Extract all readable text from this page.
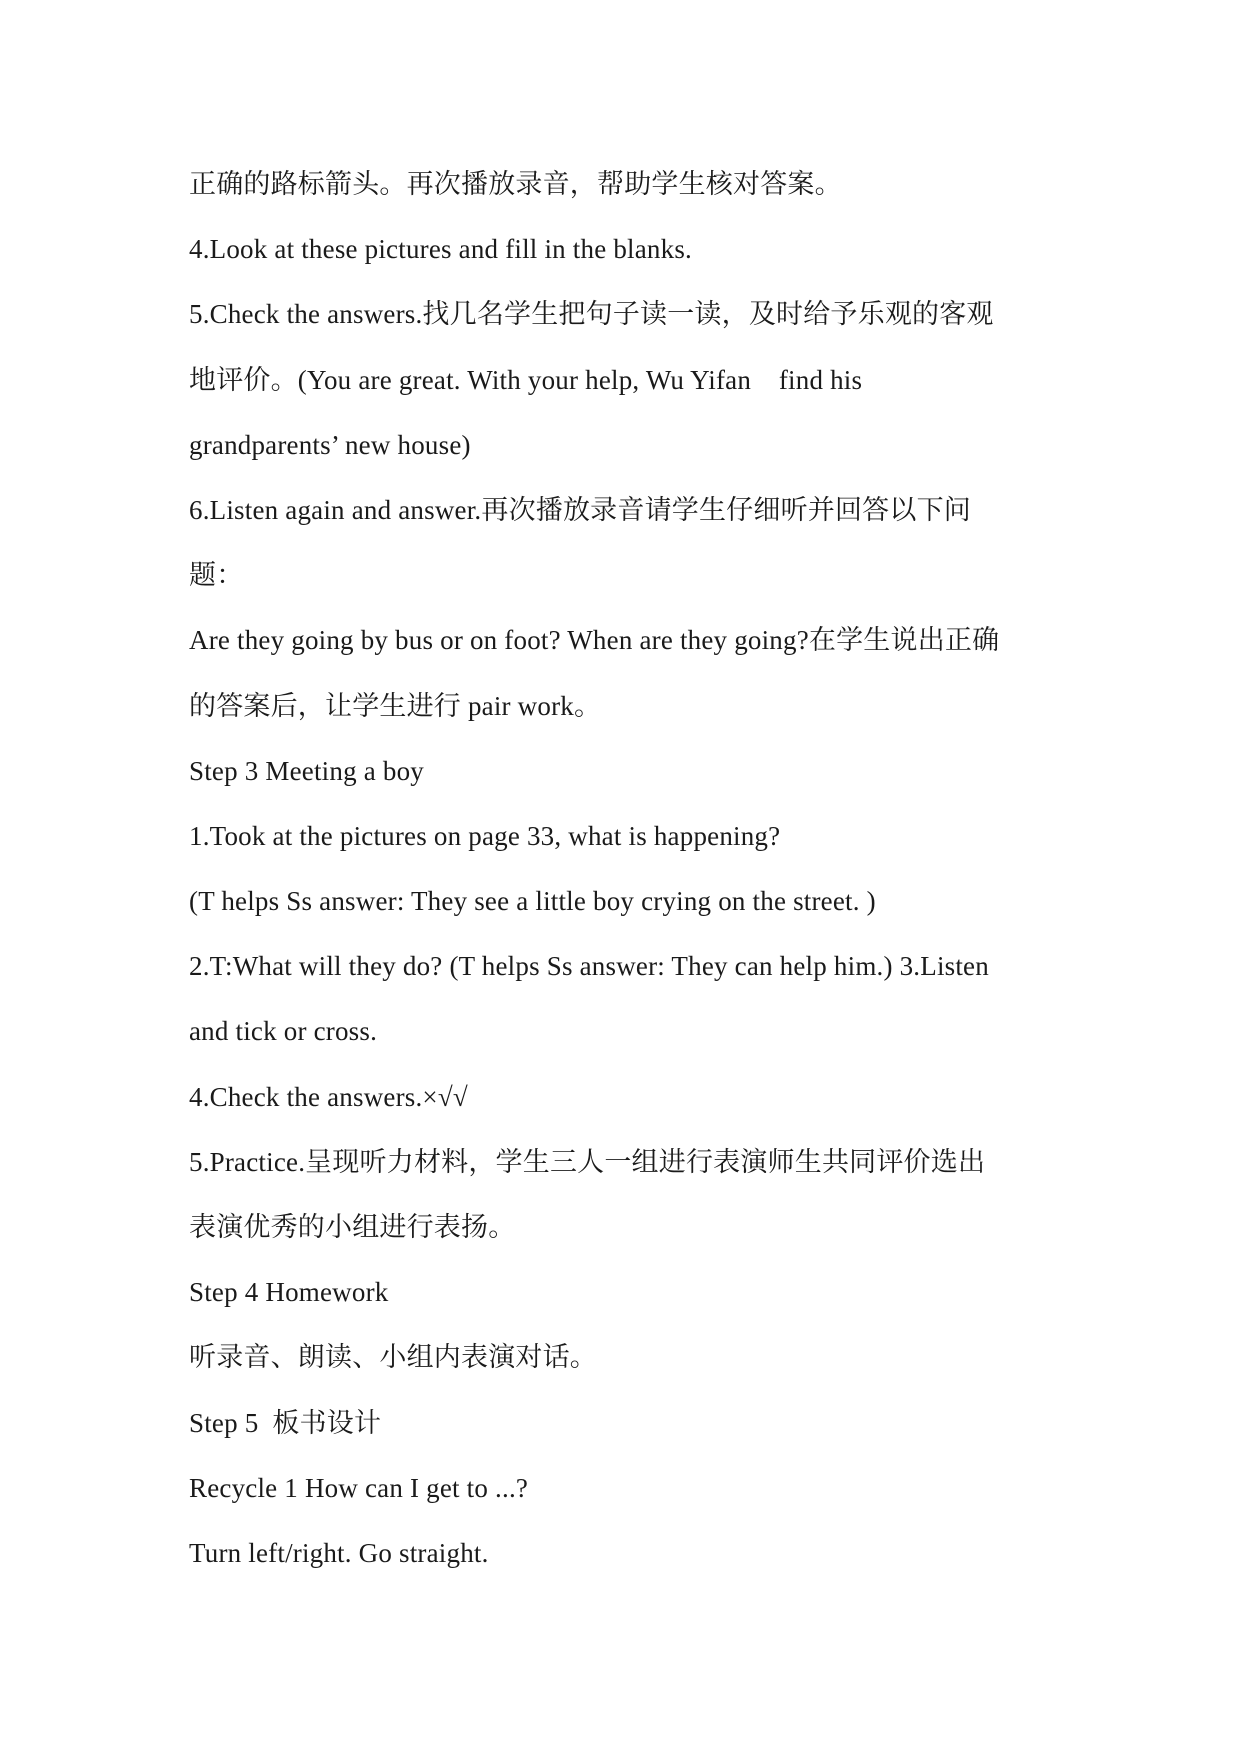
正确的路标箭头。再次播放录音，帮助学生核对答案。
4.Look at these pictures and fill in the blanks.
5.Check the answers.找几名学生把句子读一读，及时给予乐观的客观
地评价。(You are great. With your help, Wu Yifan    find his
grandparents’ new house)
6.Listen again and answer.再次播放录音请学生仔细听并回答以下问
题：
Are they going by bus or on foot? When are they going?在学生说出正确
的答案后，让学生进行 pair work。
Step 3 Meeting a boy
1.Took at the pictures on page 33, what is happening?
(T helps Ss answer: They see a little boy crying on the street. )
2.T:What will they do? (T helps Ss answer: They can help him.) 3.Listen
and tick or cross.
4.Check the answers.×√√
5.Practice.呈现听力材料，学生三人一组进行表演师生共同评价选出
表演优秀的小组进行表扬。
Step 4 Homework
听录音、朗读、小组内表演对话。
Step 5  板书设计
Recycle 1 How can I get to ...?
Turn left/right. Go straight.
